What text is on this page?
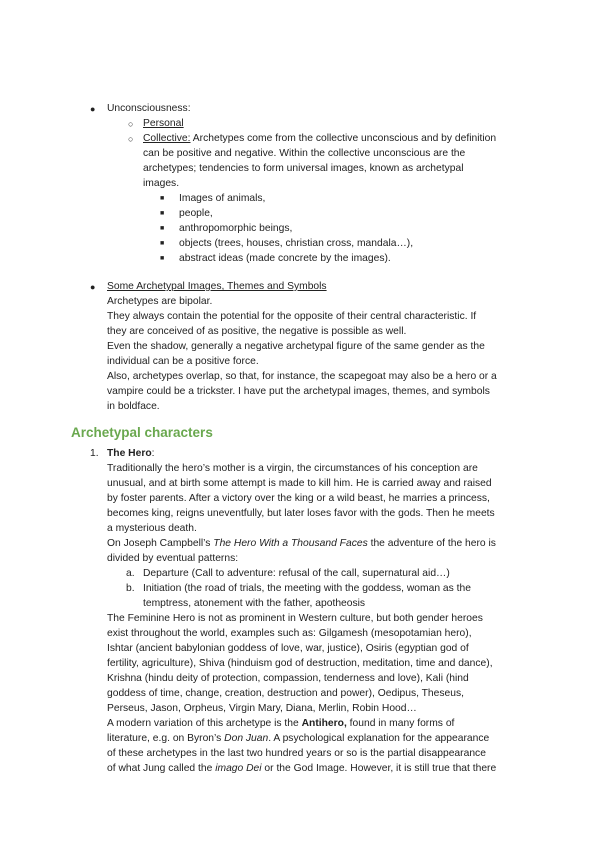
● Unconsciousness:
○ Personal
○ Collective: Archetypes come from the collective unconscious and by definition
can be positive and negative. Within the collective unconscious are the
archetypes; tendencies to form universal images, known as archetypal
images.
■ Images of animals,
■ people,
■ anthropomorphic beings,
■ objects (trees, houses, christian cross, mandala…),
■ abstract ideas (made concrete by the images).
● Some Archetypal Images, Themes and Symbols
Archetypes are bipolar.
They always contain the potential for the opposite of their central characteristic. If
they are conceived of as positive, the negative is possible as well.
Even the shadow, generally a negative archetypal figure of the same gender as the
individual can be a positive force.
Also, archetypes overlap, so that, for instance, the scapegoat may also be a hero or a
vampire could be a trickster. I have put the archetypal images, themes, and symbols
in boldface.
Archetypal characters
1. The Hero:
Traditionally the hero’s mother is a virgin, the circumstances of his conception are
unusual, and at birth some attempt is made to kill him. He is carried away and raised
by foster parents. After a victory over the king or a wild beast, he marries a princess,
becomes king, reigns uneventfully, but later loses favor with the gods. Then he meets
a mysterious death.
On Joseph Campbell’s The Hero With a Thousand Faces the adventure of the hero is
divided by eventual patterns:
a. Departure (Call to adventure: refusal of the call, supernatural aid…)
b. Initiation (the road of trials, the meeting with the goddess, woman as the
temptress, atonement with the father, apotheosis
The Feminine Hero is not as prominent in Western culture, but both gender heroes
exist throughout the world, examples such as: Gilgamesh (mesopotamian hero),
Ishtar (ancient babylonian goddess of love, war, justice), Osiris (egyptian god of
fertility, agriculture), Shiva (hinduism god of destruction, meditation, time and dance),
Krishna (hindu deity of protection, compassion, tenderness and love), Kali (hind
goddess of time, change, creation, destruction and power), Oedipus, Theseus,
Perseus, Jason, Orpheus, Virgin Mary, Diana, Merlin, Robin Hood…
A modern variation of this archetype is the Antihero, found in many forms of
literature, e.g. on Byron’s Don Juan. A psychological explanation for the appearance
of these archetypes in the last two hundred years or so is the partial disappearance
of what Jung called the imago Dei or the God Image. However, it is still true that there
